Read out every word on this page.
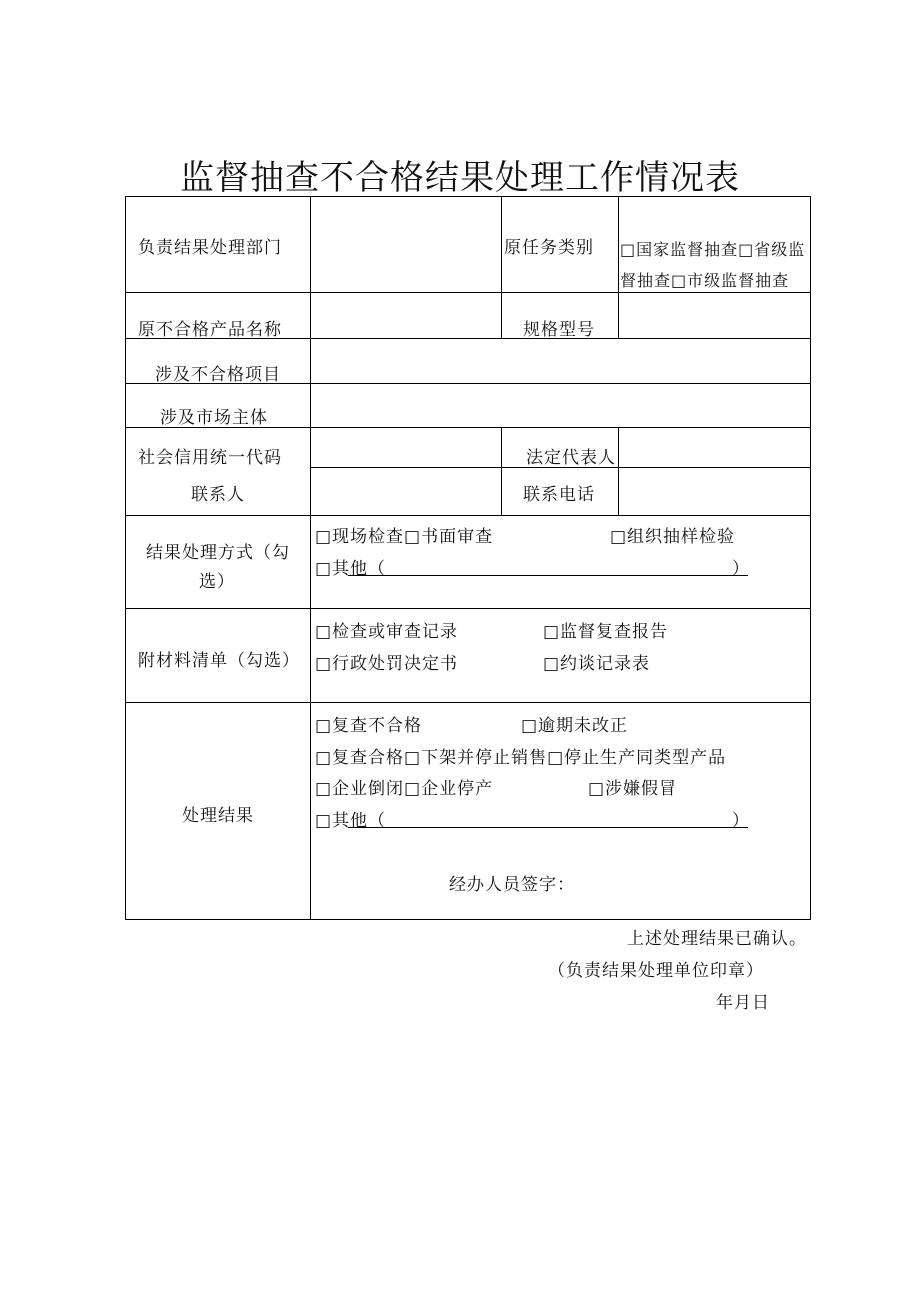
监督抽查不合格结果处理工作情况表
负责结果处理部门	原任务类别 □国家监督抽查□省级监
督抽查□市级监督抽查
原不合格产品名称	规格型号
涉及不合格项目
涉及市场主体
社会信用统一代码	法定代表人
联系人	联系电话
结果处理方式（勾
选）
□现场检查□书面审查	□组织抽样检验
□其他（	）
附材料清单（勾选）
□检查或审查记录	□监督复查报告
□行政处罚决定书	□约谈记录表
处理结果
□复查不合格	□逾期未改正
□复查合格□下架并停止销售□停止生产同类型产品
□企业倒闭□企业停产	□涉嫌假冒
□其他（	）
经办人员签字：
上述处理结果已确认。
（负责结果处理单位印章）
年月日
